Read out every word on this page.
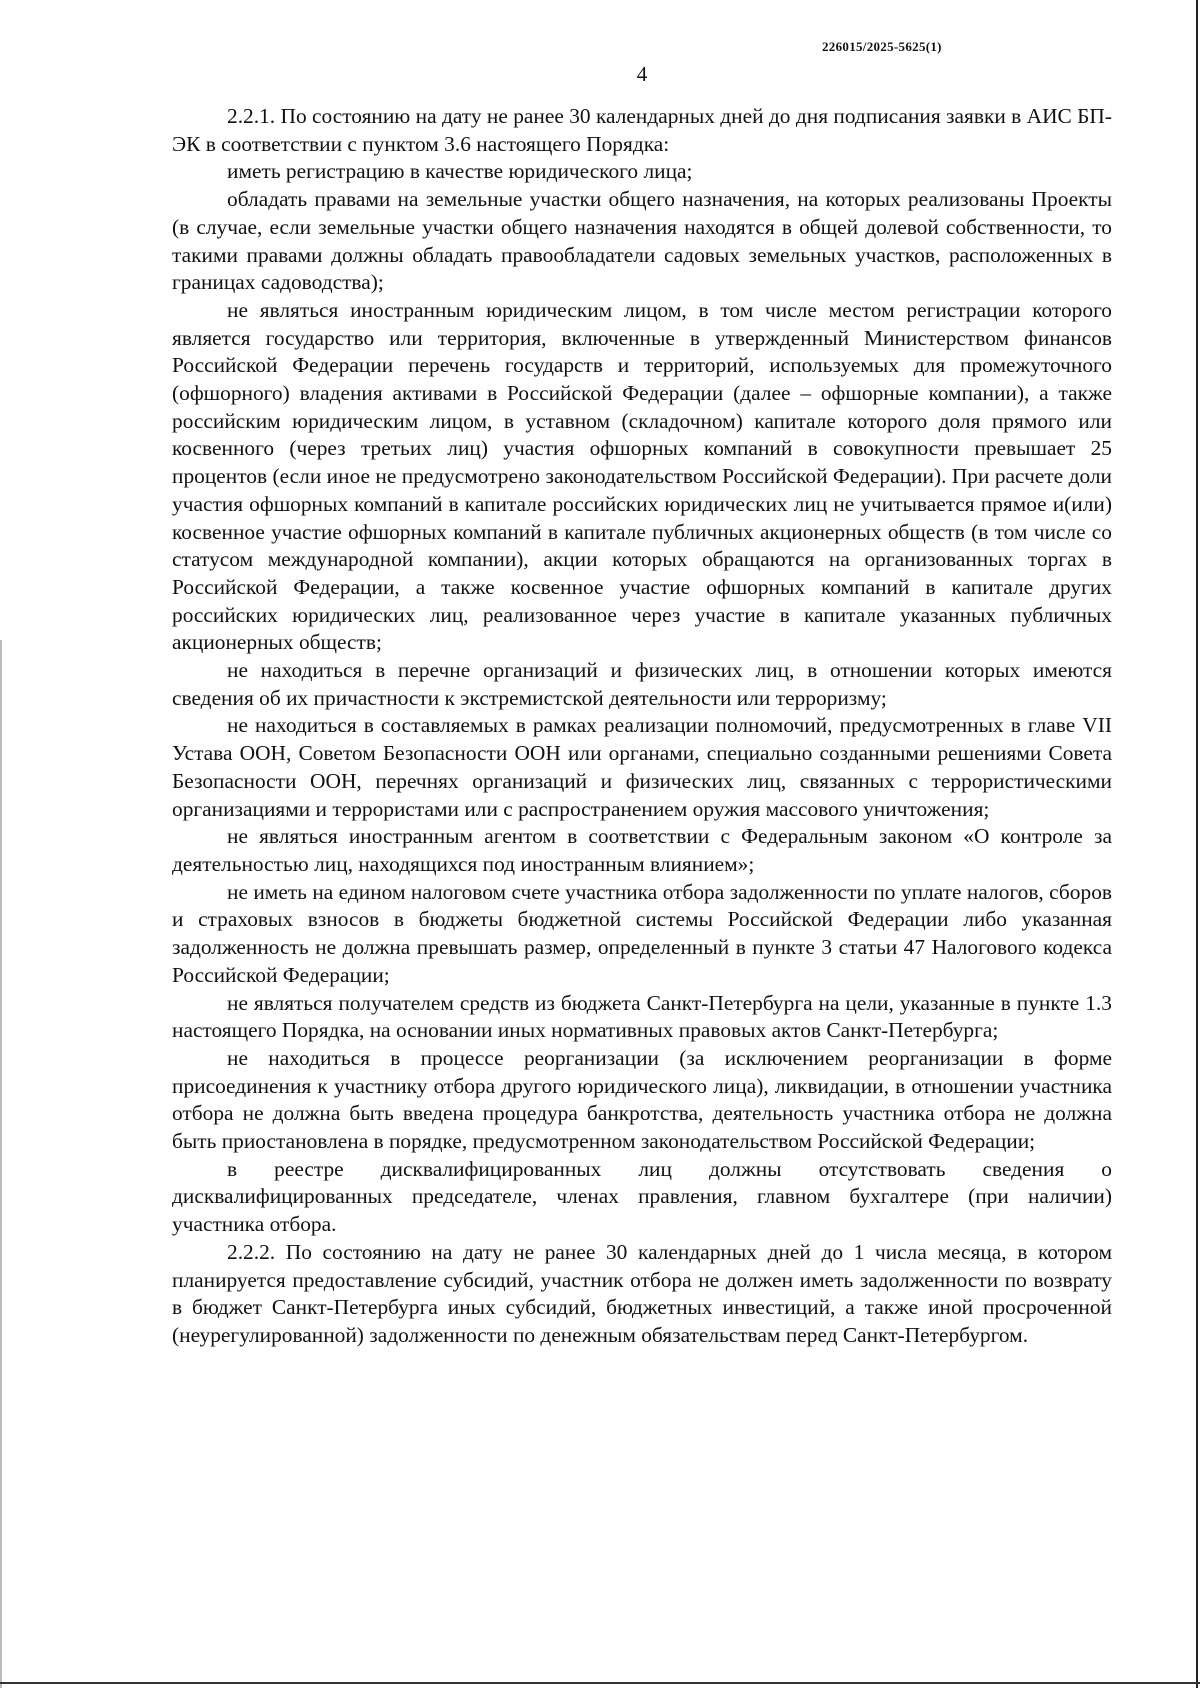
226015/2025-5625(1)
4

2.2.1. По состоянию на дату не ранее 30 календарных дней до дня подписания заявки в АИС БП-ЭК в соответствии с пунктом 3.6 настоящего Порядка:

иметь регистрацию в качестве юридического лица;

обладать правами на земельные участки общего назначения, на которых реализованы Проекты (в случае, если земельные участки общего назначения находятся в общей долевой собственности, то такими правами должны обладать правообладатели садовых земельных участков, расположенных в границах садоводства);

не являться иностранным юридическим лицом, в том числе местом регистрации которого является государство или территория, включенные в утвержденный Министерством финансов Российской Федерации перечень государств и территорий, используемых для промежуточного (офшорного) владения активами в Российской Федерации (далее – офшорные компании), а также российским юридическим лицом, в уставном (складочном) капитале которого доля прямого или косвенного (через третьих лиц) участия офшорных компаний в совокупности превышает 25 процентов (если иное не предусмотрено законодательством Российской Федерации). При расчете доли участия офшорных компаний в капитале российских юридических лиц не учитывается прямое и(или) косвенное участие офшорных компаний в капитале публичных акционерных обществ (в том числе со статусом международной компании), акции которых обращаются на организованных торгах в Российской Федерации, а также косвенное участие офшорных компаний в капитале других российских юридических лиц, реализованное через участие в капитале указанных публичных акционерных обществ;

не находиться в перечне организаций и физических лиц, в отношении которых имеются сведения об их причастности к экстремистской деятельности или терроризму;

не находиться в составляемых в рамках реализации полномочий, предусмотренных в главе VII Устава ООН, Советом Безопасности ООН или органами, специально созданными решениями Совета Безопасности ООН, перечнях организаций и физических лиц, связанных с террористическими организациями и террористами или с распространением оружия массового уничтожения;

не являться иностранным агентом в соответствии с Федеральным законом «О контроле за деятельностью лиц, находящихся под иностранным влиянием»;

не иметь на едином налоговом счете участника отбора задолженности по уплате налогов, сборов и страховых взносов в бюджеты бюджетной системы Российской Федерации либо указанная задолженность не должна превышать размер, определенный в пункте 3 статьи 47 Налогового кодекса Российской Федерации;

не являться получателем средств из бюджета Санкт-Петербурга на цели, указанные в пункте 1.3 настоящего Порядка, на основании иных нормативных правовых актов Санкт-Петербурга;

не находиться в процессе реорганизации (за исключением реорганизации в форме присоединения к участнику отбора другого юридического лица), ликвидации, в отношении участника отбора не должна быть введена процедура банкротства, деятельность участника отбора не должна быть приостановлена в порядке, предусмотренном законодательством Российской Федерации;

в реестре дисквалифицированных лиц должны отсутствовать сведения о дисквалифицированных председателе, членах правления, главном бухгалтере (при наличии) участника отбора.

2.2.2. По состоянию на дату не ранее 30 календарных дней до 1 числа месяца, в котором планируется предоставление субсидий, участник отбора не должен иметь задолженности по возврату в бюджет Санкт-Петербурга иных субсидий, бюджетных инвестиций, а также иной просроченной (неурегулированной) задолженности по денежным обязательствам перед Санкт-Петербургом.
